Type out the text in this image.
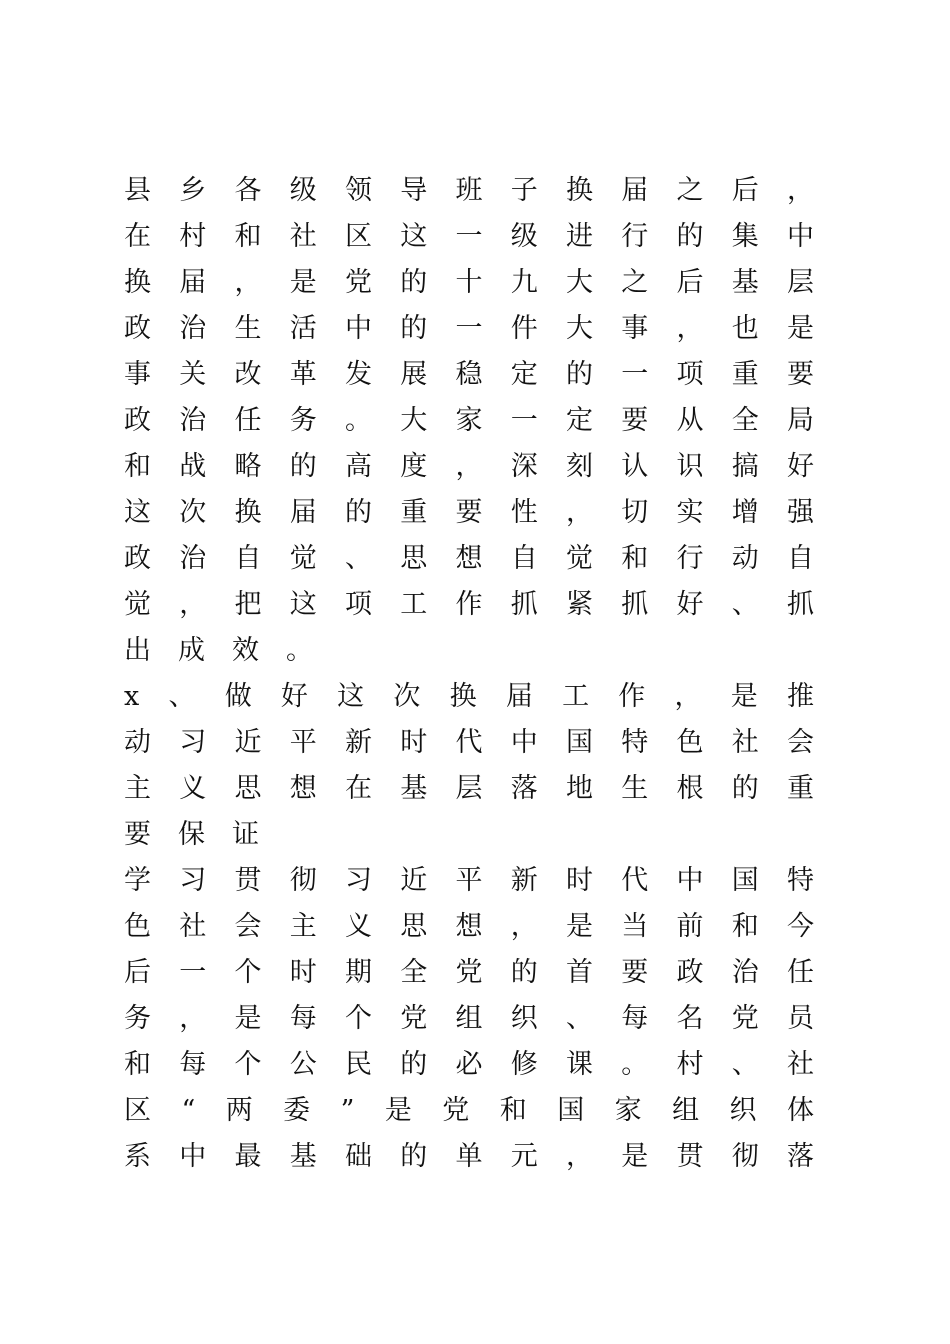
县乡各级领导班子换届之后，
在村和社区这一级进行的集中
换届，是党的十九大之后基层
政治生活中的一件大事，也是
事关改革发展稳定的一项重要
政治任务。大家一定要从全局
和战略的高度，深刻认识搞好
这次换届的重要性，切实增强
政治自觉、思想自觉和行动自
觉，把这项工作抓紧抓好、抓
出成效。
x、做好这次换届工作，是推
动习近平新时代中国特色社会
主义思想在基层落地生根的重
要保证
学习贯彻习近平新时代中国特
色社会主义思想，是当前和今
后一个时期全党的首要政治任
务，是每个党组织、每名党员
和每个公民的必修课。村、社
区“两委”是党和国家组织体
系中最基础的单元，是贯彻落
